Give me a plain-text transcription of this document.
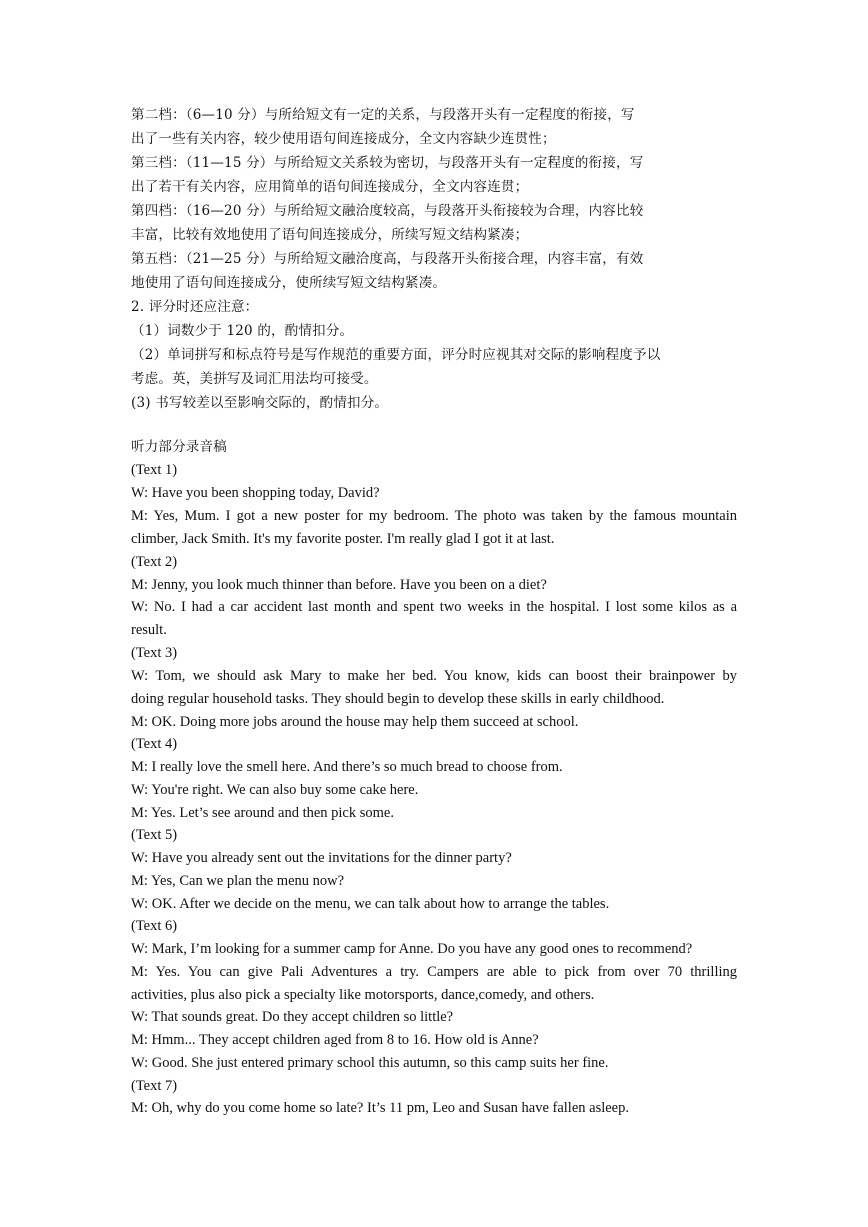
第二档：（6—10 分）与所给短文有一定的关系，与段落开头有一定程度的衔接，写
出了一些有关内容，较少使用语句间连接成分，全文内容缺少连贯性；
第三档：（11—15 分）与所给短文关系较为密切，与段落开头有一定程度的衔接，写
出了若干有关内容，应用简单的语句间连接成分，全文内容连贯；
第四档：（16—20 分）与所给短文融洽度较高，与段落开头衔接较为合理，内容比较
丰富，比较有效地使用了语句间连接成分，所续写短文结构紧凑；
第五档：（21—25 分）与所给短文融洽度高，与段落开头衔接合理，内容丰富，有效
地使用了语句间连接成分，使所续写短文结构紧凑。
2. 评分时还应注意：
（1）词数少于 120 的，酌情扣分。
（2）单词拼写和标点符号是写作规范的重要方面，评分时应视其对交际的影响程度予以
考虑。英，美拼写及词汇用法均可接受。
(3) 书写较差以至影响交际的，酌情扣分。
听力部分录音稿
(Text 1)
W: Have you been shopping today, David?
M: Yes, Mum. I got a new poster for my bedroom. The photo was taken by the famous mountain
climber, Jack Smith. It's my favorite poster. I'm really glad I got it at last.
(Text 2)
M: Jenny, you look much thinner than before. Have you been on a diet?
W: No. I had a car accident last month and spent two weeks in the hospital. I lost some kilos as a
result.
(Text 3)
W: Tom, we should ask Mary to make her bed. You know, kids can boost their brainpower by
doing regular household tasks. They should begin to develop these skills in early childhood.
M: OK. Doing more jobs around the house may help them succeed at school.
(Text 4)
M: I really love the smell here. And there’s so much bread to choose from.
W: You're right. We can also buy some cake here.
M: Yes. Let’s see around and then pick some.
(Text 5)
W: Have you already sent out the invitations for the dinner party?
M: Yes, Can we plan the menu now?
W: OK. After we decide on the menu, we can talk about how to arrange the tables.
(Text 6)
W: Mark, I’m looking for a summer camp for Anne. Do you have any good ones to recommend?
M: Yes. You can give Pali Adventures a try. Campers are able to pick from over 70 thrilling
activities, plus also pick a specialty like motorsports, dance,comedy, and others.
W: That sounds great. Do they accept children so little?
M: Hmm... They accept children aged from 8 to 16. How old is Anne?
W: Good. She just entered primary school this autumn, so this camp suits her fine.
(Text 7)
M: Oh, why do you come home so late? It’s 11 pm, Leo and Susan have fallen asleep.
